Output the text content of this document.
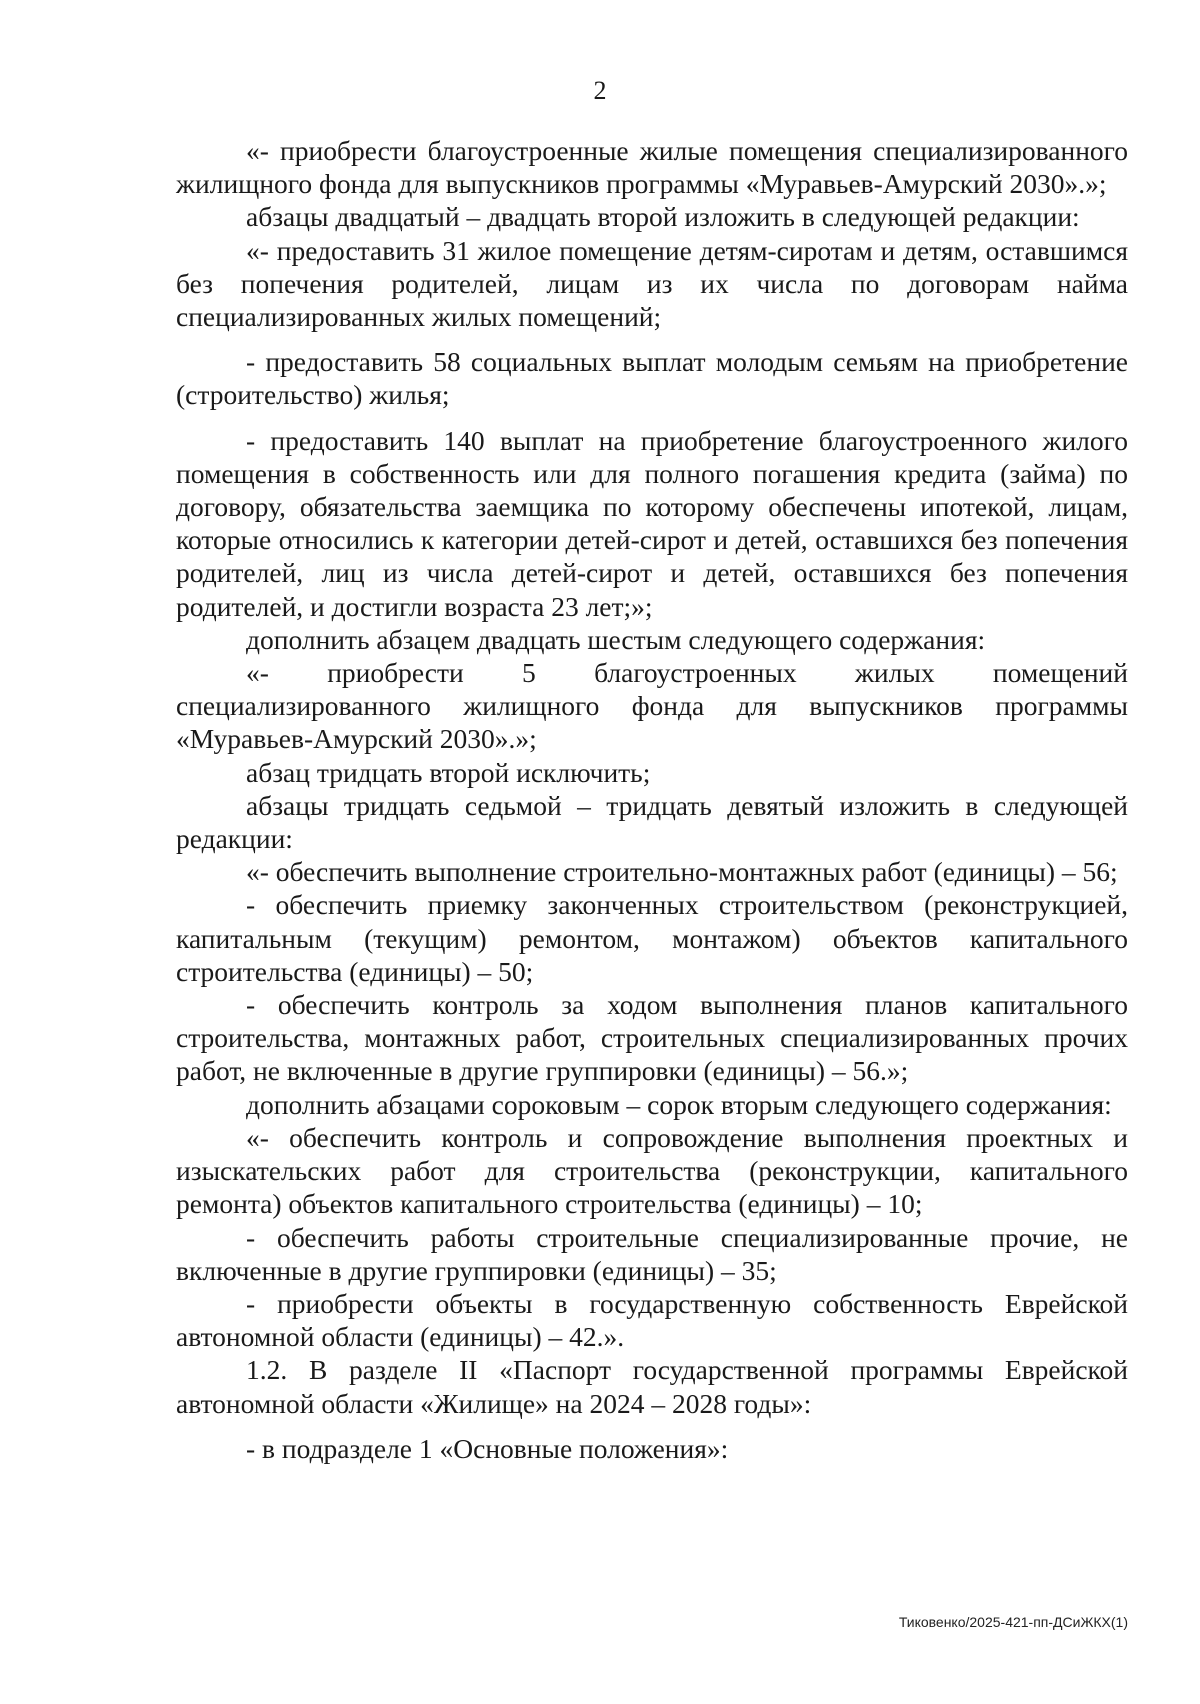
2

«- приобрести благоустроенные жилые помещения специализированного жилищного фонда для выпускников программы «Муравьев-Амурский 2030».»;

абзацы двадцатый – двадцать второй изложить в следующей редакции:

«- предоставить 31 жилое помещение детям-сиротам и детям, оставшимся без попечения родителей, лицам из их числа по договорам найма специализированных жилых помещений;

- предоставить 58 социальных выплат молодым семьям на приобретение (строительство) жилья;

- предоставить 140 выплат на приобретение благоустроенного жилого помещения в собственность или для полного погашения кредита (займа) по договору, обязательства заемщика по которому обеспечены ипотекой, лицам, которые относились к категории детей-сирот и детей, оставшихся без попечения родителей, лиц из числа детей-сирот и детей, оставшихся без попечения родителей, и достигли возраста 23 лет;»;

дополнить абзацем двадцать шестым следующего содержания:

«- приобрести 5 благоустроенных жилых помещений специализированного жилищного фонда для выпускников программы «Муравьев-Амурский 2030».»;

абзац тридцать второй исключить;

абзацы тридцать седьмой – тридцать девятый изложить в следующей редакции:

«- обеспечить выполнение строительно-монтажных работ (единицы) – 56;

- обеспечить приемку законченных строительством (реконструкцией, капитальным (текущим) ремонтом, монтажом) объектов капитального строительства (единицы) – 50;

- обеспечить контроль за ходом выполнения планов капитального строительства, монтажных работ, строительных специализированных прочих работ, не включенные в другие группировки (единицы) – 56.»;

дополнить абзацами сороковым – сорок вторым следующего содержания:

«- обеспечить контроль и сопровождение выполнения проектных и изыскательских работ для строительства (реконструкции, капитального ремонта) объектов капитального строительства (единицы) – 10;

- обеспечить работы строительные специализированные прочие, не включенные в другие группировки (единицы) – 35;

- приобрести объекты в государственную собственность Еврейской автономной области (единицы) – 42.».

1.2. В разделе II «Паспорт государственной программы Еврейской автономной области «Жилище» на 2024 – 2028 годы»:

- в подразделе 1 «Основные положения»:

Тиковенко/2025-421-пп-ДСиЖКХ(1)
